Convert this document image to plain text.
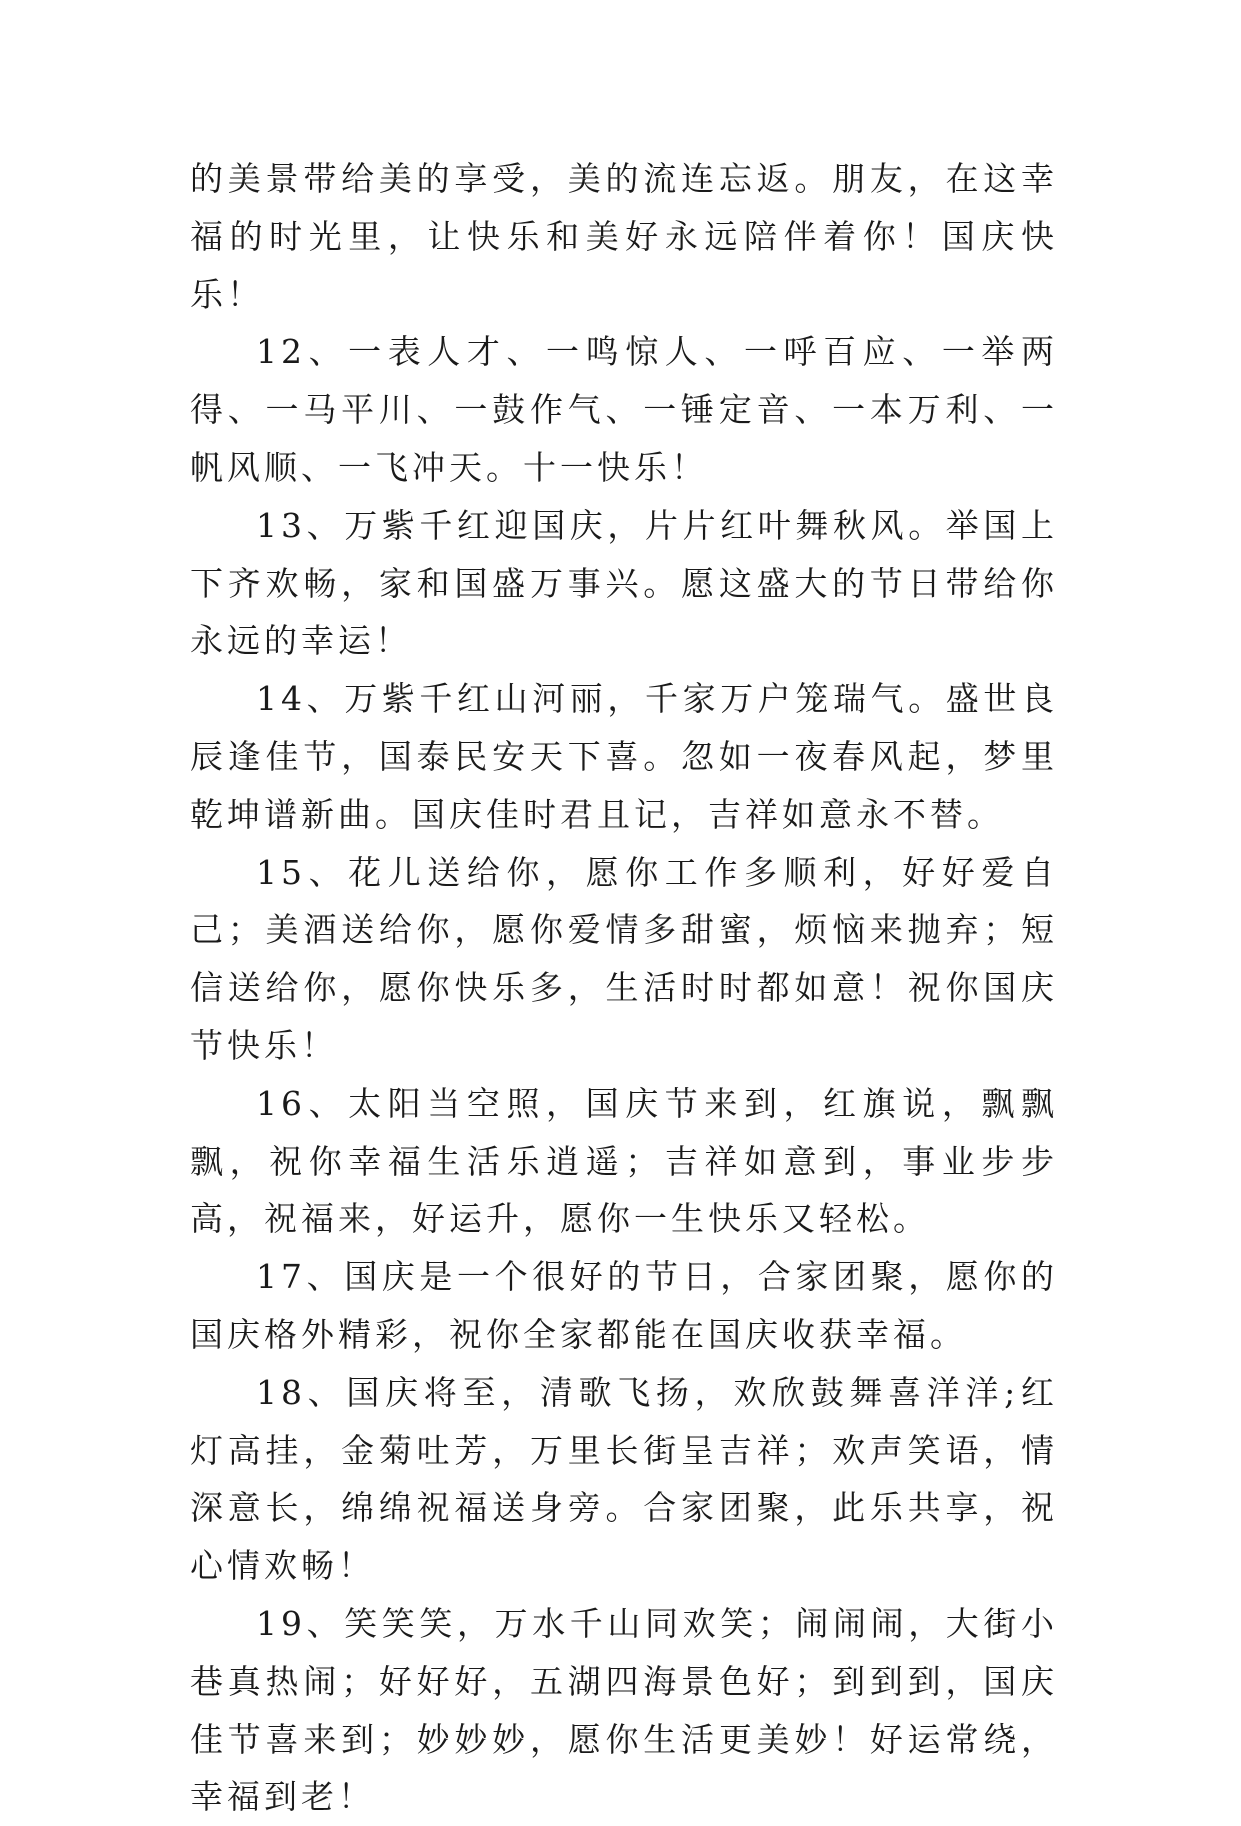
的美景带给美的享受，美的流连忘返。朋友，在这幸福的时光里，让快乐和美好永远陪伴着你！国庆快乐！

12、一表人才、一鸣惊人、一呼百应、一举两得、一马平川、一鼓作气、一锤定音、一本万利、一帆风顺、一飞冲天。十一快乐！

13、万紫千红迎国庆，片片红叶舞秋风。举国上下齐欢畅，家和国盛万事兴。愿这盛大的节日带给你永远的幸运！

14、万紫千红山河丽，千家万户笼瑞气。盛世良辰逢佳节，国泰民安天下喜。忽如一夜春风起，梦里乾坤谱新曲。国庆佳时君且记，吉祥如意永不替。

15、花儿送给你，愿你工作多顺利，好好爱自己；美酒送给你，愿你爱情多甜蜜，烦恼来抛弃；短信送给你，愿你快乐多，生活时时都如意！祝你国庆节快乐！

16、太阳当空照，国庆节来到，红旗说，飘飘飘，祝你幸福生活乐逍遥；吉祥如意到，事业步步高，祝福来，好运升，愿你一生快乐又轻松。

17、国庆是一个很好的节日，合家团聚，愿你的国庆格外精彩，祝你全家都能在国庆收获幸福。

18、国庆将至，清歌飞扬，欢欣鼓舞喜洋洋;红灯高挂，金菊吐芳，万里长街呈吉祥；欢声笑语，情深意长，绵绵祝福送身旁。合家团聚，此乐共享，祝心情欢畅！

19、笑笑笑，万水千山同欢笑；闹闹闹，大街小巷真热闹；好好好，五湖四海景色好；到到到，国庆佳节喜来到；妙妙妙，愿你生活更美妙！好运常绕，幸福到老！
